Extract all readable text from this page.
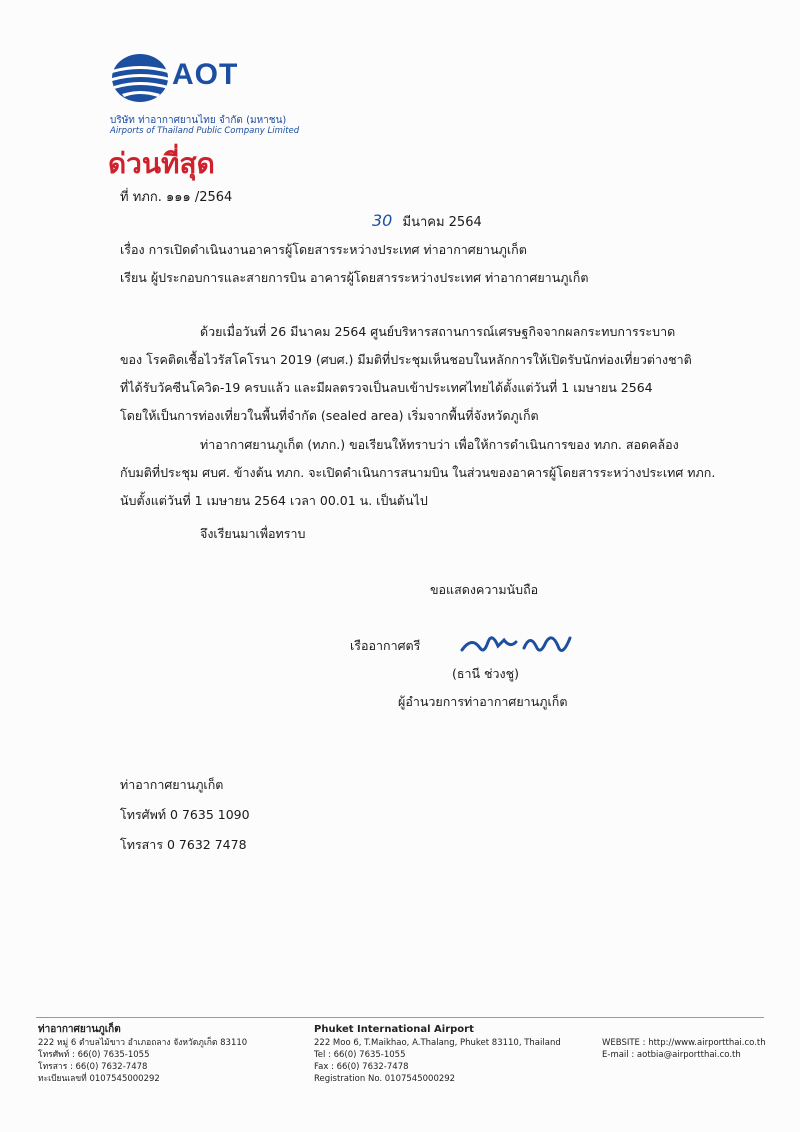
AOT
บริษัท ท่าอากาศยานไทย จำกัด (มหาชน)
Airports of Thailand Public Company Limited
ด่วนที่สุด
ที่ ทภก. ๑๑๑ /2564
30 มีนาคม 2564
เรื่อง การเปิดดำเนินงานอาคารผู้โดยสารระหว่างประเทศ ท่าอากาศยานภูเก็ต
เรียน ผู้ประกอบการและสายการบิน อาคารผู้โดยสารระหว่างประเทศ ท่าอากาศยานภูเก็ต
ด้วยเมื่อวันที่ 26 มีนาคม 2564 ศูนย์บริหารสถานการณ์เศรษฐกิจจากผลกระทบการระบาด
ของ โรคติดเชื้อไวรัสโคโรนา 2019 (ศบศ.) มีมติที่ประชุมเห็นชอบในหลักการให้เปิดรับนักท่องเที่ยวต่างชาติ
ที่ได้รับวัคซีนโควิด-19 ครบแล้ว และมีผลตรวจเป็นลบเข้าประเทศไทยได้ตั้งแต่วันที่ 1 เมษายน 2564
โดยให้เป็นการท่องเที่ยวในพื้นที่จำกัด (sealed area) เริ่มจากพื้นที่จังหวัดภูเก็ต
ท่าอากาศยานภูเก็ต (ทภก.) ขอเรียนให้ทราบว่า เพื่อให้การดำเนินการของ ทภก. สอดคล้อง
กับมติที่ประชุม ศบศ. ข้างต้น ทภก. จะเปิดดำเนินการสนามบิน ในส่วนของอาคารผู้โดยสารระหว่างประเทศ ทภก.
นับตั้งแต่วันที่ 1 เมษายน 2564 เวลา 00.01 น. เป็นต้นไป
จึงเรียนมาเพื่อทราบ
ขอแสดงความนับถือ
เรืออากาศตรี
(ธานี ช่วงชู)
ผู้อำนวยการท่าอากาศยานภูเก็ต
ท่าอากาศยานภูเก็ต
โทรศัพท์ 0 7635 1090
โทรสาร 0 7632 7478
ท่าอากาศยานภูเก็ต
222 หมู่ 6 ตำบลไม้ขาว อำเภอถลาง จังหวัดภูเก็ต 83110
โทรศัพท์ : 66(0) 7635-1055
โทรสาร : 66(0) 7632-7478
ทะเบียนเลขที่ 0107545000292
Phuket International Airport
222 Moo 6, T.Maikhao, A.Thalang, Phuket 83110, Thailand
Tel : 66(0) 7635-1055
Fax : 66(0) 7632-7478
Registration No. 0107545000292
WEBSITE : http://www.airportthai.co.th
E-mail : aotbia@airportthai.co.th
